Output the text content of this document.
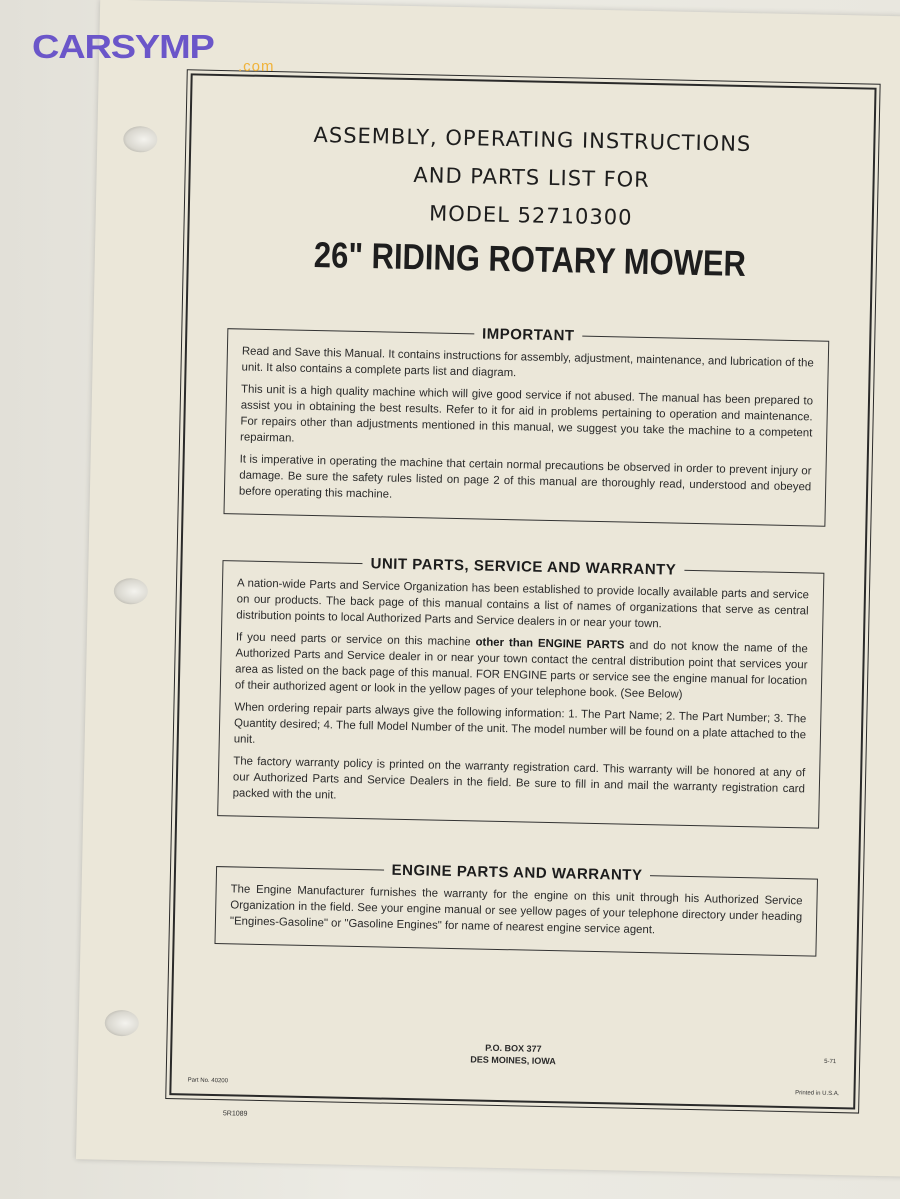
ASSEMBLY, OPERATING INSTRUCTIONS
AND PARTS LIST FOR
MODEL 52710300
26" RIDING ROTARY MOWER
IMPORTANT

Read and Save this Manual. It contains instructions for assembly, adjustment, maintenance, and lubrication of the unit. It also contains a complete parts list and diagram.

This unit is a high quality machine which will give good service if not abused. The manual has been prepared to assist you in obtaining the best results. Refer to it for aid in problems pertaining to operation and maintenance. For repairs other than adjustments mentioned in this manual, we suggest you take the machine to a competent repairman.

It is imperative in operating the machine that certain normal precautions be observed in order to prevent injury or damage. Be sure the safety rules listed on page 2 of this manual are thoroughly read, understood and obeyed before operating this machine.

UNIT PARTS, SERVICE AND WARRANTY

A nation-wide Parts and Service Organization has been established to provide locally available parts and service on our products. The back page of this manual contains a list of names of organizations that serve as central distribution points to local Authorized Parts and Service dealers in or near your town.

If you need parts or service on this machine other than ENGINE PARTS and do not know the name of the Authorized Parts and Service dealer in or near your town contact the central distribution point that services your area as listed on the back page of this manual. FOR ENGINE parts or service see the engine manual for location of their authorized agent or look in the yellow pages of your telephone book. (See Below)

When ordering repair parts always give the following information: 1. The Part Name; 2. The Part Number; 3. The Quantity desired; 4. The full Model Number of the unit. The model number will be found on a plate attached to the unit.

The factory warranty policy is printed on the warranty registration card. This warranty will be honored at any of our Authorized Parts and Service Dealers in the field. Be sure to fill in and mail the warranty registration card packed with the unit.

ENGINE PARTS AND WARRANTY

The Engine Manufacturer furnishes the warranty for the engine on this unit through his Authorized Service Organization in the field. See your engine manual or see yellow pages of your telephone directory under heading "Engines-Gasoline" or "Gasoline Engines" for name of nearest engine service agent.

P.O. BOX 377
DES MOINES, IOWA
Part No. 40200
Printed in U.S.A.
5-71
5R1089
CARSYMP
.com
